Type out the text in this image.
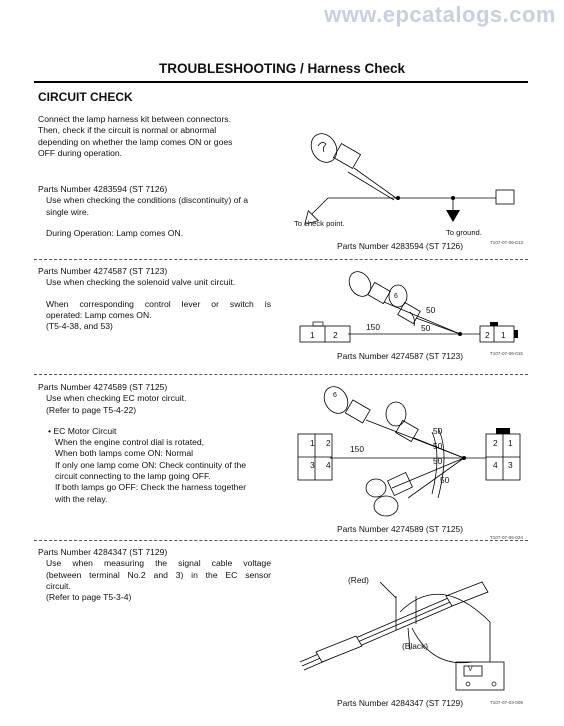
www.epcatalogs.com
TROUBLESHOOTING / Harness Check
CIRCUIT CHECK
Connect the lamp harness kit between connectors.
Then, check if the circuit is normal or abnormal
depending on whether the lamp comes ON or goes
OFF during operation.
Parts Number 4283594 (ST 7126)
Use when checking the conditions (discontinuity) of a
single wire.
During Operation: Lamp comes ON.
To check point.
To ground.
Parts Number 4283594 (ST 7126)	T107-07-06-013
Parts Number 4274587 (ST 7123)
Use when checking the solenoid valve unit circuit.
When corresponding control lever or switch is
operated: Lamp comes ON.
(T5-4-38, and 53)
1 2
150
50
50
6
2 1
Parts Number 4274587 (ST 7123)	T107-07-06-015
Parts Number 4274589 (ST 7125)
Use when checking EC motor circuit.
(Refer to page T5-4-22)
• EC Motor Circuit
When the engine control dial is rotated,
When both lamps come ON: Normal
If only one lamp come ON: Check continuity of the
circuit connecting to the lamp going OFF.
If both lamps go OFF: Check the harness together
with the relay.
1 2
3 4
2 1
4 3
150
50
50
50
50
6
Parts Number 4274589 (ST 7125)
T107-07-06-024
Parts Number 4284347 (ST 7129)
Use when measuring the signal cable voltage
(between terminal No.2 and 3) in the EC sensor
circuit.
(Refer to page T5-3-4)
(Red)
(Black)
V
Parts Number 4284347 (ST 7129)	T107-07-03-009
